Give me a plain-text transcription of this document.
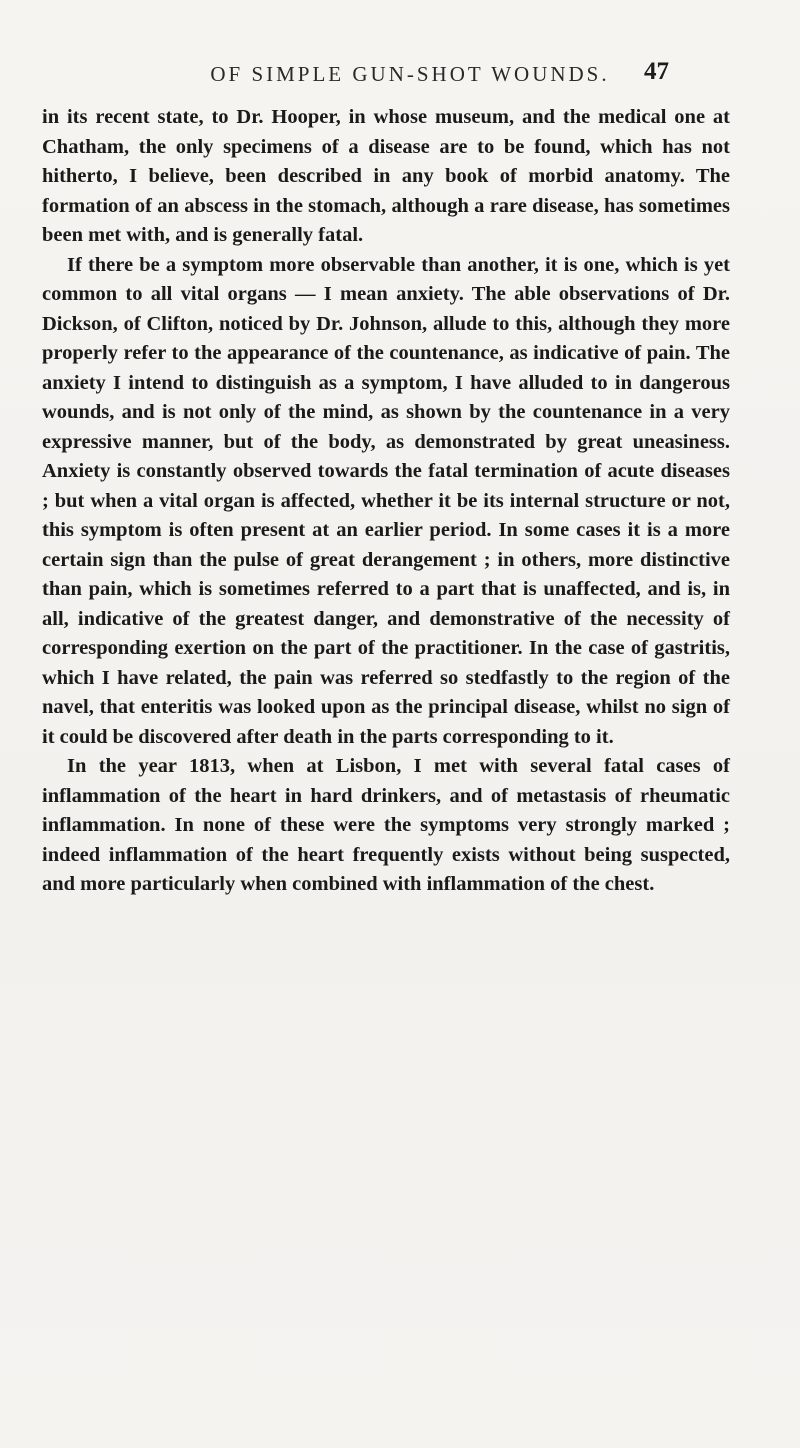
OF SIMPLE GUN-SHOT WOUNDS.	47

in its recent state, to Dr. Hooper, in whose museum, and the medical one at Chatham, the only specimens of a disease are to be found, which has not hitherto, I believe, been described in any book of morbid anatomy. The formation of an abscess in the stomach, although a rare disease, has sometimes been met with, and is generally fatal.

If there be a symptom more observable than another, it is one, which is yet common to all vital organs — I mean anxiety. The able observations of Dr. Dickson, of Clifton, noticed by Dr. Johnson, allude to this, although they more properly refer to the appearance of the countenance, as indicative of pain. The anxiety I intend to distinguish as a symptom, I have alluded to in dangerous wounds, and is not only of the mind, as shown by the countenance in a very expressive manner, but of the body, as demonstrated by great uneasiness. Anxiety is constantly observed towards the fatal termination of acute diseases ; but when a vital organ is affected, whether it be its internal structure or not, this symptom is often present at an earlier period. In some cases it is a more certain sign than the pulse of great derangement ; in others, more distinctive than pain, which is sometimes referred to a part that is unaffected, and is, in all, indicative of the greatest danger, and demonstrative of the necessity of corresponding exertion on the part of the practitioner. In the case of gastritis, which I have related, the pain was referred so stedfastly to the region of the navel, that enteritis was looked upon as the principal disease, whilst no sign of it could be discovered after death in the parts corresponding to it.

In the year 1813, when at Lisbon, I met with several fatal cases of inflammation of the heart in hard drinkers, and of metastasis of rheumatic inflammation. In none of these were the symptoms very strongly marked ; indeed inflammation of the heart frequently exists without being suspected, and more particularly when combined with inflammation of the chest.
